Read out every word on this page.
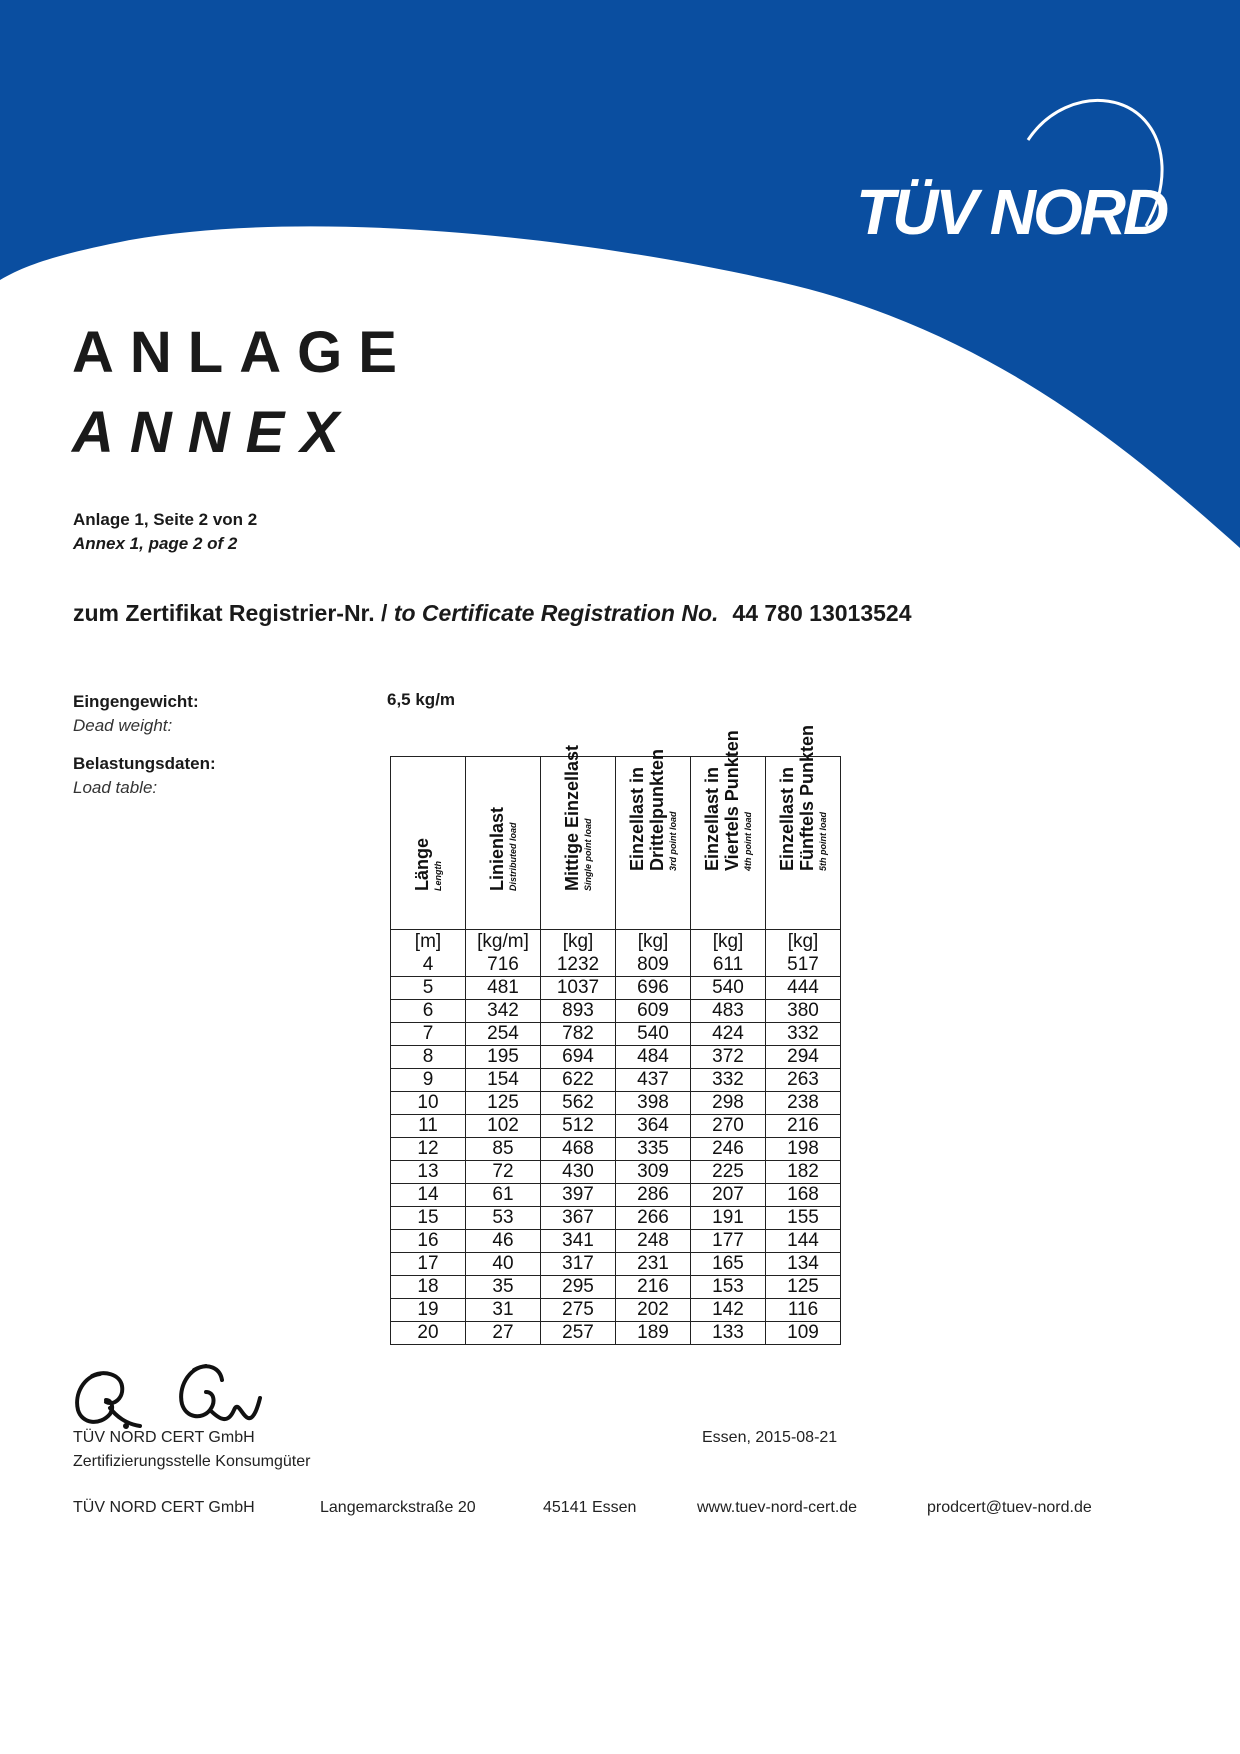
TÜV NORD
ANLAGE
ANNEX
Anlage 1, Seite 2 von 2
Annex 1, page 2 of 2
zum Zertifikat Registrier-Nr. / to Certificate Registration No. 44 780 13013524
Eingengewicht:
Dead weight:
6,5 kg/m
Belastungsdaten:
Load table:
Länge Length	Linienlast Distributed load	Mittige Einzellast Single point load	Einzellast in Drittelpunkten 3rd point load	Einzellast in Viertels Punkten 4th point load	Einzellast in Fünftels Punkten 5th point load

[m]	[kg/m]	[kg]	[kg]	[kg]	[kg]
4	716	1232	809	611	517
5	481	1037	696	540	444
6	342	893	609	483	380
7	254	782	540	424	332
8	195	694	484	372	294
9	154	622	437	332	263
10	125	562	398	298	238
11	102	512	364	270	216
12	85	468	335	246	198
13	72	430	309	225	182
14	61	397	286	207	168
15	53	367	266	191	155
16	46	341	248	177	144
17	40	317	231	165	134
18	35	295	216	153	125
19	31	275	202	142	116
20	27	257	189	133	109
TÜV NORD CERT GmbH
Zertifizierungsstelle Konsumgüter
Essen, 2015-08-21
TÜV NORD CERT GmbH	Langemarckstraße 20	45141 Essen	www.tuev-nord-cert.de	prodcert@tuev-nord.de
